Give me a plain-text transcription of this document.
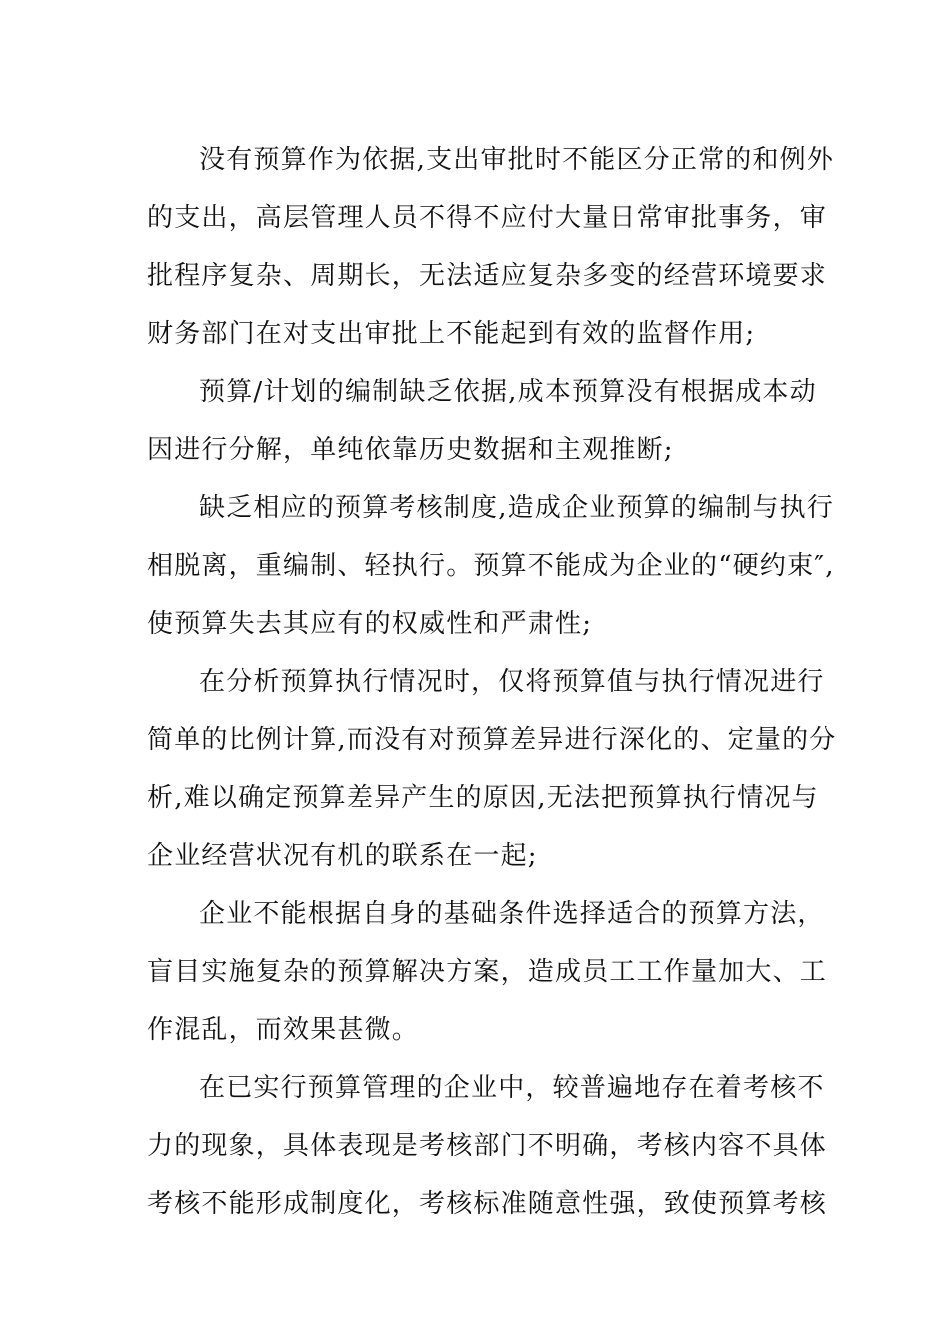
没有预算作为依据,支出审批时不能区分正常的和例外
的支出，高层管理人员不得不应付大量日常审批事务，审
批程序复杂、周期长，无法适应复杂多变的经营环境要求
财务部门在对支出审批上不能起到有效的监督作用;
预算/计划的编制缺乏依据,成本预算没有根据成本动
因进行分解，单纯依靠历史数据和主观推断;
缺乏相应的预算考核制度,造成企业预算的编制与执行
相脱离，重编制、轻执行。预算不能成为企业的“硬约束″,
使预算失去其应有的权威性和严肃性;
在分析预算执行情况时，仅将预算值与执行情况进行
简单的比例计算,而没有对预算差异进行深化的、定量的分
析,难以确定预算差异产生的原因,无法把预算执行情况与
企业经营状况有机的联系在一起;
企业不能根据自身的基础条件选择适合的预算方法，
盲目实施复杂的预算解决方案，造成员工工作量加大、工
作混乱，而效果甚微。
在已实行预算管理的企业中，较普遍地存在着考核不
力的现象，具体表现是考核部门不明确，考核内容不具体
考核不能形成制度化，考核标准随意性强，致使预算考核
